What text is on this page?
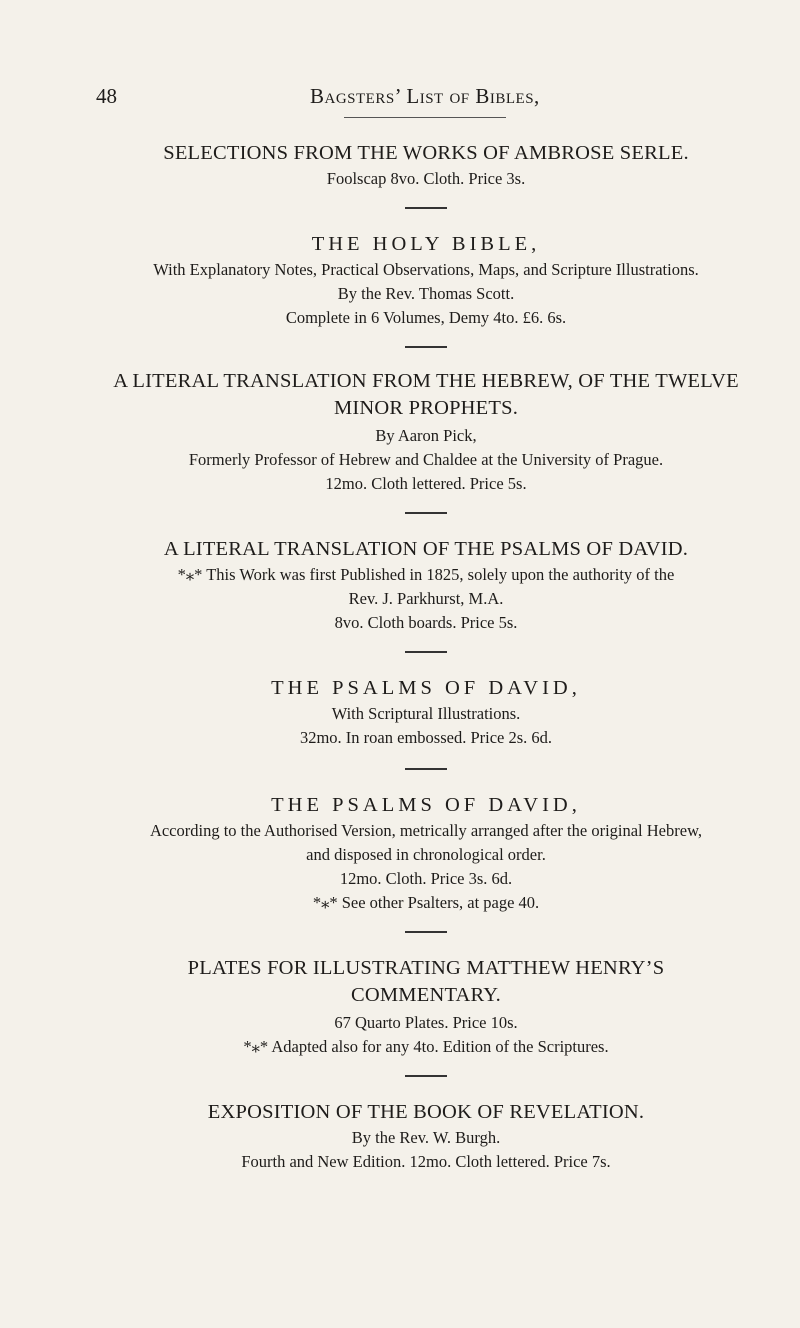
48	Bagsters’ List of Bibles,
SELECTIONS FROM THE WORKS OF AMBROSE SERLE.
Foolscap 8vo. Cloth. Price 3s.
THE HOLY BIBLE,
With Explanatory Notes, Practical Observations, Maps, and Scripture Illustrations.
By the Rev. Thomas Scott.
Complete in 6 Volumes, Demy 4to. £6. 6s.
A LITERAL TRANSLATION FROM THE HEBREW, OF THE TWELVE MINOR PROPHETS.
By Aaron Pick,
Formerly Professor of Hebrew and Chaldee at the University of Prague.
12mo. Cloth lettered. Price 5s.
A LITERAL TRANSLATION OF THE PSALMS OF DAVID.
*⁎* This Work was first Published in 1825, solely upon the authority of the
Rev. J. Parkhurst, M.A.
8vo. Cloth boards. Price 5s.
THE PSALMS OF DAVID,
With Scriptural Illustrations.
32mo. In roan embossed. Price 2s. 6d.
THE PSALMS OF DAVID,
According to the Authorised Version, metrically arranged after the original Hebrew,
and disposed in chronological order.
12mo. Cloth. Price 3s. 6d.
*⁎* See other Psalters, at page 40.
PLATES FOR ILLUSTRATING MATTHEW HENRY’S COMMENTARY.
67 Quarto Plates. Price 10s.
*⁎* Adapted also for any 4to. Edition of the Scriptures.
EXPOSITION OF THE BOOK OF REVELATION.
By the Rev. W. Burgh.
Fourth and New Edition. 12mo. Cloth lettered. Price 7s.
